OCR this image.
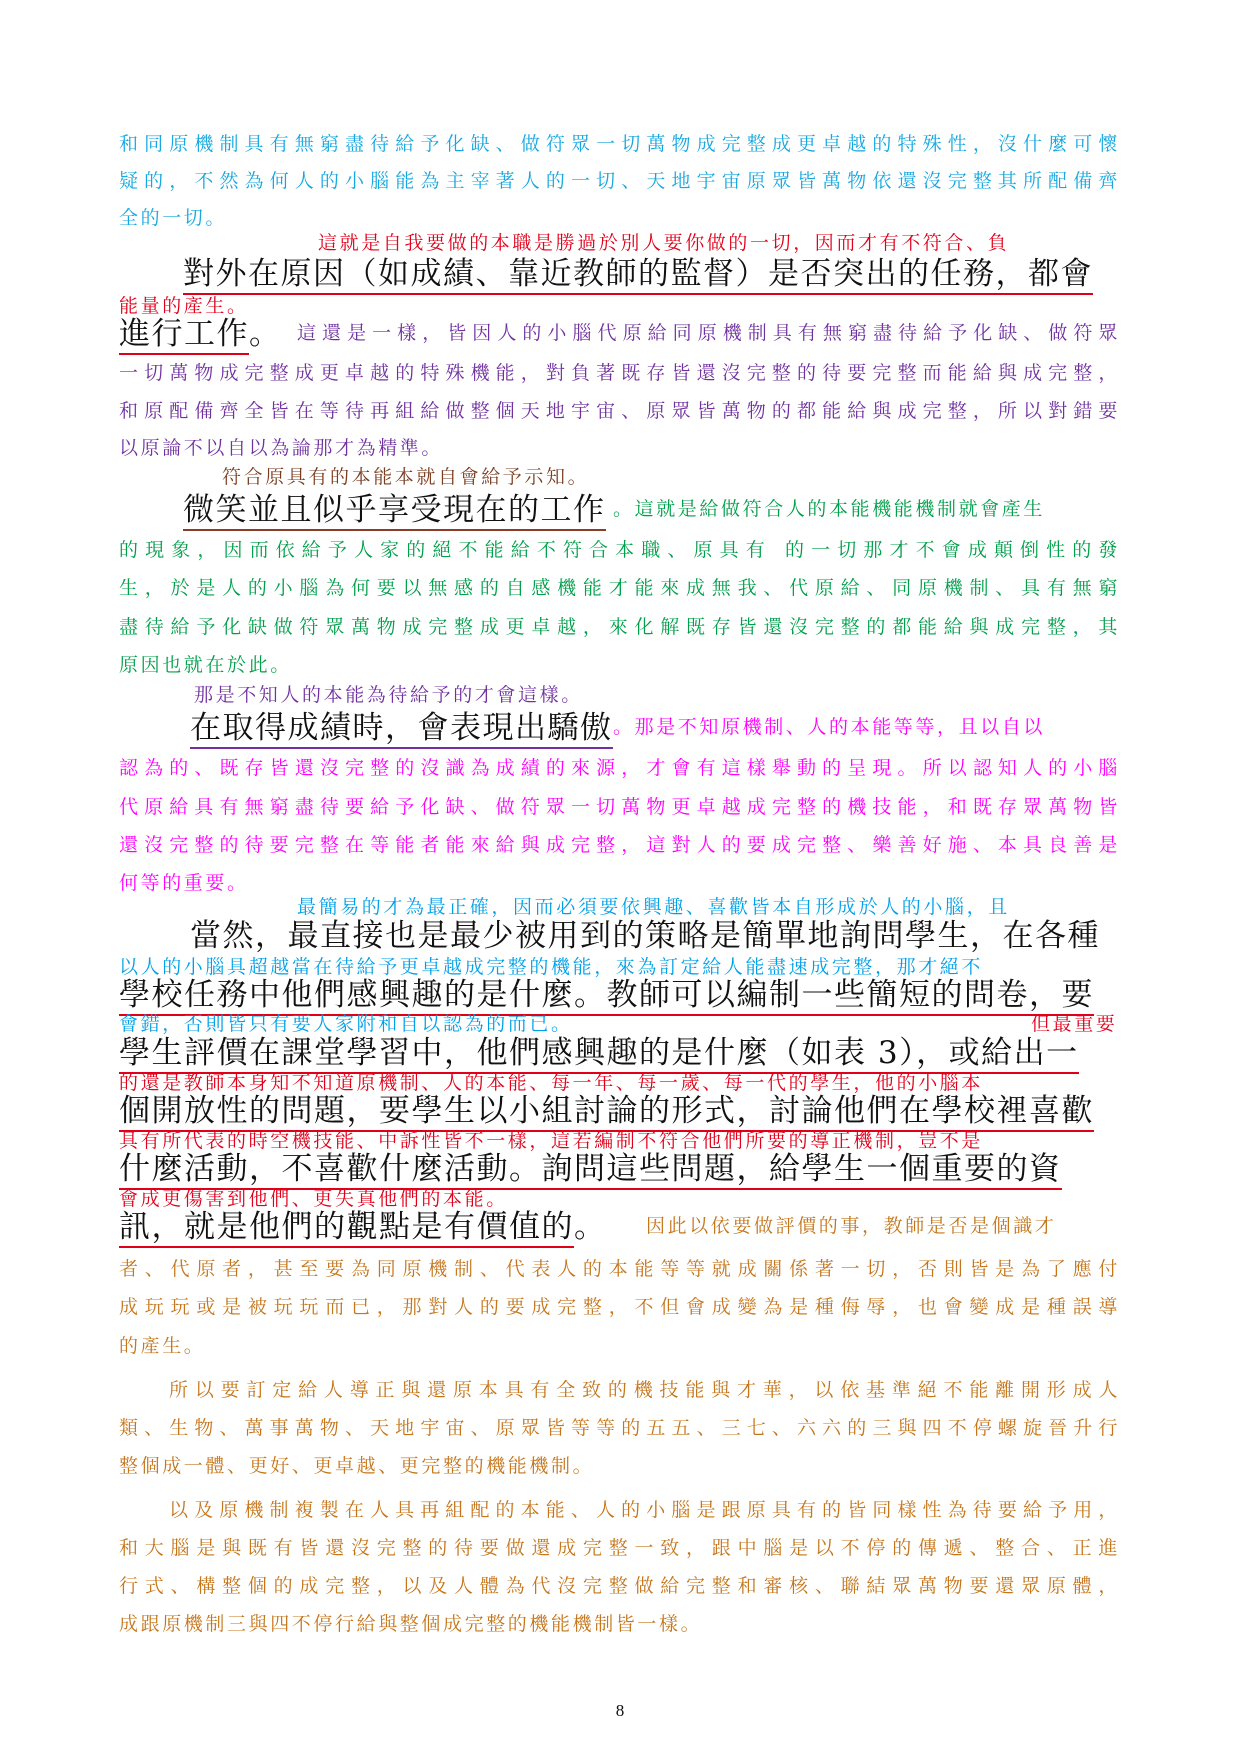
和同原機制具有無窮盡待給予化缺、做符眾一切萬物成完整成更卓越的特殊性，沒什麼可懷
疑的，不然為何人的小腦能為主宰著人的一切、天地宇宙原眾皆萬物依還沒完整其所配備齊
全的一切。
這就是自我要做的本職是勝過於別人要你做的一切，因而才有不符合、負
對外在原因（如成績、靠近教師的監督）是否突出的任務，都會
能量的產生。
進行工作。 這還是一樣，皆因人的小腦代原給同原機制具有無窮盡待給予化缺、做符眾
一切萬物成完整成更卓越的特殊機能，對負著既存皆還沒完整的待要完整而能給與成完整，
和原配備齊全皆在等待再組給做整個天地宇宙、原眾皆萬物的都能給與成完整，所以對錯要
以原論不以自以為論那才為精準。
符合原具有的本能本就自會給予示知。
微笑並且似乎享受現在的工作 。這就是給做符合人的本能機能機制就會產生
的現象，因而依給予人家的絕不能給不符合本職、原具有 的一切那才不會成顛倒性的發
生，於是人的小腦為何要以無感的自感機能才能來成無我、代原給、同原機制、具有無窮
盡待給予化缺做符眾萬物成完整成更卓越，來化解既存皆還沒完整的都能給與成完整，其
原因也就在於此。
那是不知人的本能為待給予的才會這樣。
在取得成績時，會表現出驕傲 。那是不知原機制、人的本能等等，且以自以
認為的、既存皆還沒完整的沒識為成績的來源，才會有這樣舉動的呈現。所以認知人的小腦
代原給具有無窮盡待要給予化缺、做符眾一切萬物更卓越成完整的機技能，和既存眾萬物皆
還沒完整的待要完整在等能者能來給與成完整，這對人的要成完整、樂善好施、本具良善是
何等的重要。
最簡易的才為最正確，因而必須要依興趣、喜歡皆本自形成於人的小腦，且
當然，最直接也是最少被用到的策略是簡單地詢問學生，在各種
以人的小腦具超越當在待給予更卓越成完整的機能，來為訂定給人能盡速成完整，那才絕不
學校任務中他們感興趣的是什麼。教師可以編制一些簡短的問卷，要
會錯，否則皆只有要人家附和自以認為的而已。	但最重要
學生評價在課堂學習中，他們感興趣的是什麼（如表 3），或給出一
的還是教師本身知不知道原機制、人的本能、每一年、每一歲、每一代的學生，他的小腦本
個開放性的問題，要學生以小組討論的形式，討論他們在學校裡喜歡
具有所代表的時空機技能、中訴性皆不一樣，這若編制不符合他們所要的導正機制，豈不是
什麼活動，不喜歡什麼活動。詢問這些問題，給學生一個重要的資
會成更傷害到他們、更失真他們的本能。
訊，就是他們的觀點是有價值的。 因此以依要做評價的事，教師是否是個識才
者、代原者，甚至要為同原機制、代表人的本能等等就成關係著一切，否則皆是為了應付
成玩玩或是被玩玩而已，那對人的要成完整，不但會成變為是種侮辱，也會變成是種誤導
的產生。
所以要訂定給人導正與還原本具有全致的機技能與才華，以依基準絕不能離開形成人
類、生物、萬事萬物、天地宇宙、原眾皆等等的五五、三七、六六的三與四不停螺旋晉升行
整個成一體、更好、更卓越、更完整的機能機制。
以及原機制複製在人具再組配的本能、人的小腦是跟原具有的皆同樣性為待要給予用，
和大腦是與既有皆還沒完整的待要做還成完整一致，跟中腦是以不停的傳遞、整合、正進
行式、構整個的成完整，以及人體為代沒完整做給完整和審核、聯結眾萬物要還眾原體，
成跟原機制三與四不停行給與整個成完整的機能機制皆一樣。
8
